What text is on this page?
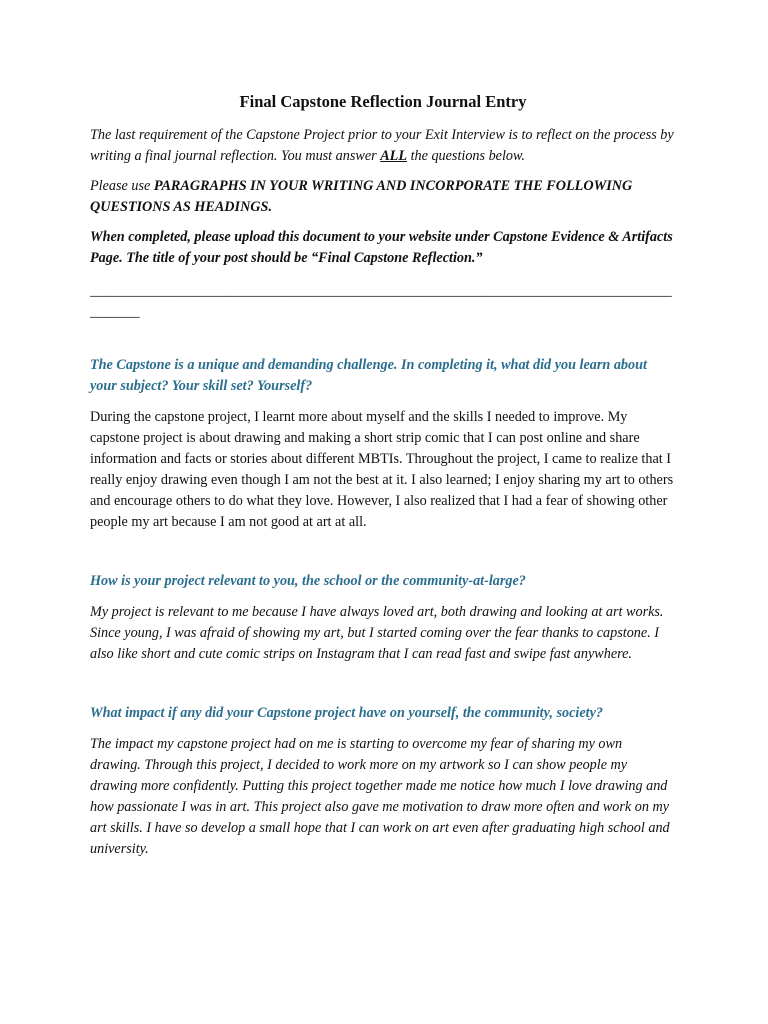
Final Capstone Reflection Journal Entry

The last requirement of the Capstone Project prior to your Exit Interview is to reflect on the process by writing a final journal reflection. You must answer ALL the questions below.

Please use PARAGRAPHS IN YOUR WRITING AND INCORPORATE THE FOLLOWING QUESTIONS AS HEADINGS.

When completed, please upload this document to your website under Capstone Evidence & Artifacts Page. The title of your post should be “Final Capstone Reflection.”

_________________________________________________________________________________________

The Capstone is a unique and demanding challenge. In completing it, what did you learn about your subject? Your skill set? Yourself?

During the capstone project, I learnt more about myself and the skills I needed to improve. My capstone project is about drawing and making a short strip comic that I can post online and share information and facts or stories about different MBTIs. Throughout the project, I came to realize that I really enjoy drawing even though I am not the best at it. I also learned; I enjoy sharing my art to others and encourage others to do what they love. However, I also realized that I had a fear of showing other people my art because I am not good at art at all.

How is your project relevant to you, the school or the community-at-large?

My project is relevant to me because I have always loved art, both drawing and looking at art works. Since young, I was afraid of showing my art, but I started coming over the fear thanks to capstone. I also like short and cute comic strips on Instagram that I can read fast and swipe fast anywhere.

What impact if any did your Capstone project have on yourself, the community, society?

The impact my capstone project had on me is starting to overcome my fear of sharing my own drawing. Through this project, I decided to work more on my artwork so I can show people my drawing more confidently. Putting this project together made me notice how much I love drawing and how passionate I was in art. This project also gave me motivation to draw more often and work on my art skills. I have so develop a small hope that I can work on art even after graduating high school and university.
